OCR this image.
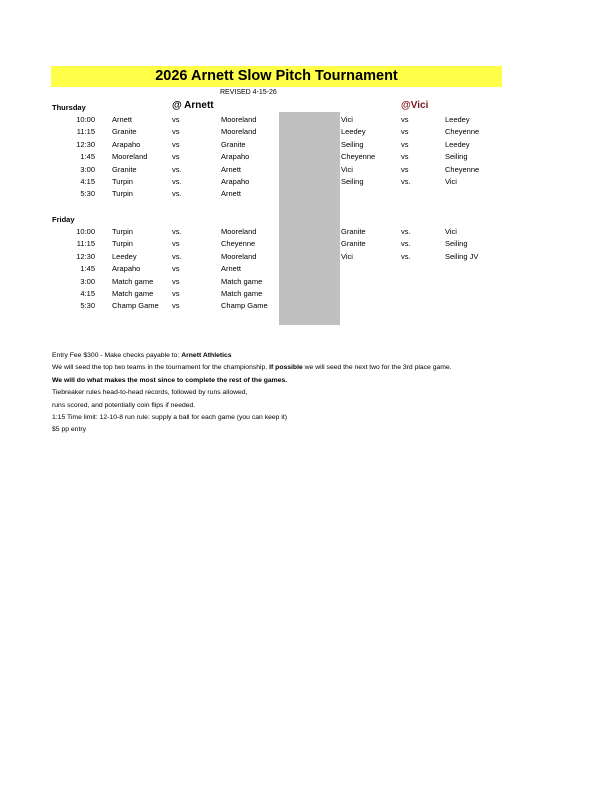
2026 Arnett Slow Pitch Tournament
REVISED 4-15-26
Thursday	@ Arnett	@Vici
10:00 Arnett	vs	Mooreland	Vici	vs	Leedey
11:15 Granite	vs	Mooreland	Leedey	vs	Cheyenne
12:30 Arapaho	vs	Granite	Seiling	vs	Leedey
1:45 Mooreland	vs	Arapaho	Cheyenne	vs	Seiling
3:00 Granite	vs.	Arnett	Vici	vs	Cheyenne
4:15 Turpin	vs.	Arapaho	Seiling	vs.	Vici
5:30 Turpin	vs.	Arnett
Friday
10:00 Turpin	vs.	Mooreland	Granite	vs.	Vici
11:15 Turpin	vs	Cheyenne	Granite	vs.	Seiling
12:30 Leedey	vs.	Mooreland	Vici	vs.	Seiling JV
1:45 Arapaho	vs	Arnett
3:00 Match game vs	Match game
4:15 Match game vs	Match game
5:30 Champ Game vs	Champ Game
Entry Fee $300 - Make checks payable to: Arnett Athletics
We will seed the top two teams in the tournament for the championship. If possible we will seed the next two for the 3rd place game.
We will do what makes the most since to complete the rest of the games.
Tiebreaker rules head-to-head records, followed by runs allowed,
runs scored, and potentially coin flips if needed.
1:15 Time limit: 12-10-8 run rule: supply a ball for each game (you can keep it)
$5 pp entry
